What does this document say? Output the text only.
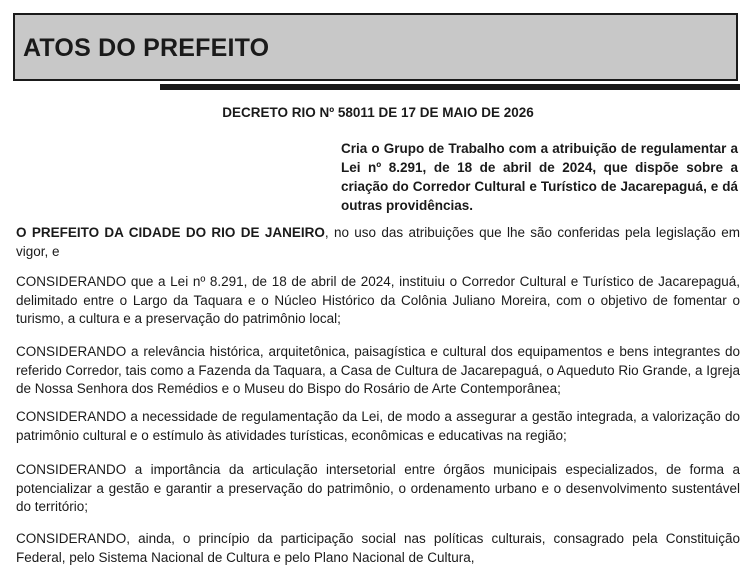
ATOS DO PREFEITO

DECRETO RIO Nº 58011 DE 17 DE MAIO DE 2026

Cria o Grupo de Trabalho com a atribuição de regulamentar a Lei nº 8.291, de 18 de abril de 2024, que dispõe sobre a criação do Corredor Cultural e Turístico de Jacarepaguá, e dá outras providências.

O PREFEITO DA CIDADE DO RIO DE JANEIRO, no uso das atribuições que lhe são conferidas pela legislação em vigor, e

CONSIDERANDO que a Lei nº 8.291, de 18 de abril de 2024, instituiu o Corredor Cultural e Turístico de Jacarepaguá, delimitado entre o Largo da Taquara e o Núcleo Histórico da Colônia Juliano Moreira, com o objetivo de fomentar o turismo, a cultura e a preservação do patrimônio local;

CONSIDERANDO a relevância histórica, arquitetônica, paisagística e cultural dos equipamentos e bens integrantes do referido Corredor, tais como a Fazenda da Taquara, a Casa de Cultura de Jacarepaguá, o Aqueduto Rio Grande, a Igreja de Nossa Senhora dos Remédios e o Museu do Bispo do Rosário de Arte Contemporânea;

CONSIDERANDO a necessidade de regulamentação da Lei, de modo a assegurar a gestão integrada, a valorização do patrimônio cultural e o estímulo às atividades turísticas, econômicas e educativas na região;

CONSIDERANDO a importância da articulação intersetorial entre órgãos municipais especializados, de forma a potencializar a gestão e garantir a preservação do patrimônio, o ordenamento urbano e o desenvolvimento sustentável do território;

CONSIDERANDO, ainda, o princípio da participação social nas políticas culturais, consagrado pela Constituição Federal, pelo Sistema Nacional de Cultura e pelo Plano Nacional de Cultura,
